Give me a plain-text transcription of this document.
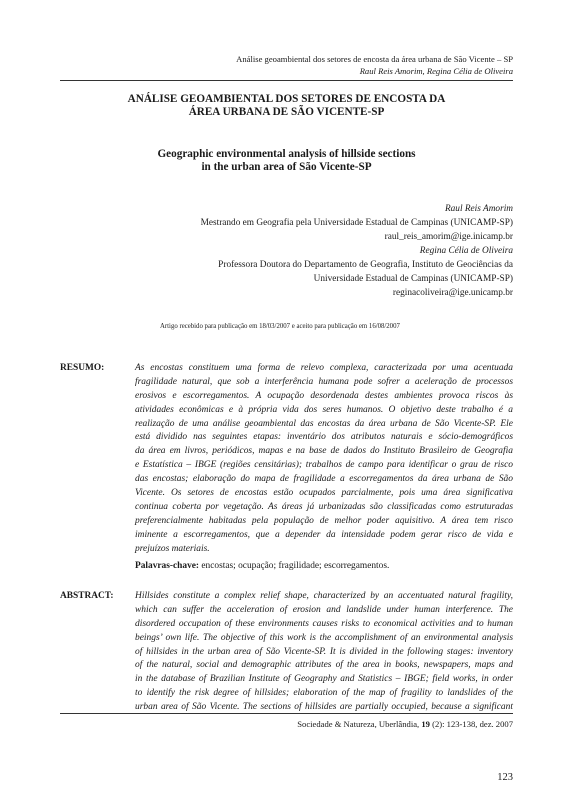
Análise geoambiental dos setores de encosta da área urbana de São Vicente – SP
Raul Reis Amorim, Regina Célia de Oliveira
ANÁLISE GEOAMBIENTAL DOS SETORES DE ENCOSTA DA
ÁREA URBANA DE SÃO VICENTE-SP
Geographic environmental analysis of hillside sections
in the urban area of São Vicente-SP
Raul Reis Amorim
Mestrando em Geografia pela Universidade Estadual de Campinas (UNICAMP-SP)
raul_reis_amorim@ige.inicamp.br
Regina Célia de Oliveira
Professora Doutora do Departamento de Geografia, Instituto de Geociências da
Universidade Estadual de Campinas (UNICAMP-SP)
reginacoliveira@ige.unicamp.br
Artigo recebido para publicação em 18/03/2007 e aceito para publicação em 16/08/2007
RESUMO:	As encostas constituem uma forma de relevo complexa, caracterizada por uma acentuada
fragilidade natural, que sob a interferência humana pode sofrer a aceleração de processos
erosivos e escorregamentos. A ocupação desordenada destes ambientes provoca riscos às
atividades econômicas e à própria vida dos seres humanos. O objetivo deste trabalho é a
realização de uma análise geoambiental das encostas da área urbana de São Vicente-SP. Ele
está dividido nas seguintes etapas: inventário dos atributos naturais e sócio-demográficos
da área em livros, periódicos, mapas e na base de dados do Instituto Brasileiro de Geografia
e Estatística – IBGE (regiões censitárias); trabalhos de campo para identificar o grau de risco
das encostas; elaboração do mapa de fragilidade a escorregamentos da área urbana de São
Vicente. Os setores de encostas estão ocupados parcialmente, pois uma área significativa
continua coberta por vegetação. As áreas já urbanizadas são classificadas como estruturadas
preferencialmente habitadas pela população de melhor poder aquisitivo. A área tem risco
iminente a escorregamentos, que a depender da intensidade podem gerar risco de vida e
prejuízos materiais.
Palavras-chave: encostas; ocupação; fragilidade; escorregamentos.
ABSTRACT: Hillsides constitute a complex relief shape, characterized by an accentuated natural fragility,
which can suffer the acceleration of erosion and landslide under human interference. The
disordered occupation of these environments causes risks to economical activities and to human
beings’ own life. The objective of this work is the accomplishment of an environmental analysis
of hillsides in the urban area of São Vicente-SP. It is divided in the following stages: inventory
of the natural, social and demographic attributes of the area in books, newspapers, maps and
in the database of Brazilian Institute of Geography and Statistics – IBGE; field works, in order
to identify the risk degree of hillsides; elaboration of the map of fragility to landslides of the
urban area of São Vicente. The sections of hillsides are partially occupied, because a significant
Sociedade & Natureza, Uberlândia, 19 (2): 123-138, dez. 2007
123
